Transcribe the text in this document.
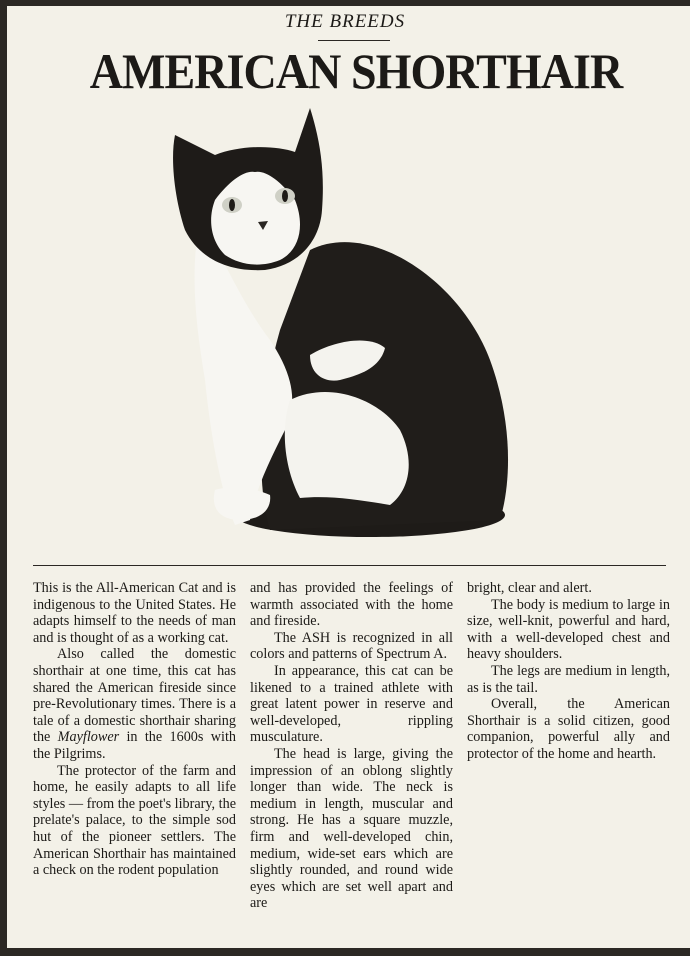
THE BREEDS
AMERICAN SHORTHAIR

This is the All-American Cat and is indigenous to the United States. He adapts himself to the needs of man and is thought of as a working cat.

Also called the domestic shorthair at one time, this cat has shared the American fireside since pre-Revolutionary times. There is a tale of a domestic shorthair sharing the Mayflower in the 1600s with the Pilgrims.

The protector of the farm and home, he easily adapts to all life styles — from the poet's library, the prelate's palace, to the simple sod hut of the pioneer settlers. The American Shorthair has maintained a check on the rodent population

and has provided the feelings of warmth associated with the home and fireside.

The ASH is recognized in all colors and patterns of Spectrum A.

In appearance, this cat can be likened to a trained athlete with great latent power in reserve and well-developed, rippling musculature.

The head is large, giving the impression of an oblong slightly longer than wide. The neck is medium in length, muscular and strong. He has a square muzzle, firm and well-developed chin, medium, wide-set ears which are slightly rounded, and round wide eyes which are set well apart and are

bright, clear and alert.

The body is medium to large in size, well-knit, powerful and hard, with a well-developed chest and heavy shoulders.

The legs are medium in length, as is the tail.

Overall, the American Shorthair is a solid citizen, good companion, powerful ally and protector of the home and hearth.
